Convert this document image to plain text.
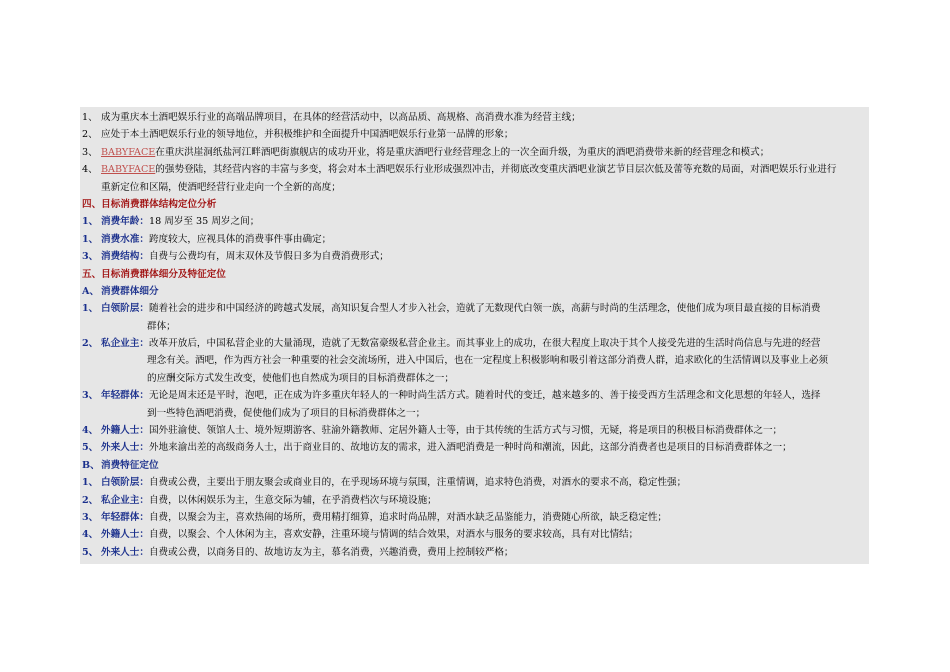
1、 成为重庆本土酒吧娱乐行业的高端品牌项目，在具体的经营活动中，以高品质、高规格、高消费水准为经营主线；
2、 应处于本土酒吧娱乐行业的领导地位，并积极维护和全面提升中国酒吧娱乐行业第一品牌的形象；
3、 BABYFACE在重庆洪崖洞纸盐河江畔酒吧街旗舰店的成功开业，将是重庆酒吧行业经营理念上的一次全面升级，为重庆的酒吧消费带来新的经营理念和模式；
4、 BABYFACE的强势登陆，其经营内容的丰富与多变，将会对本土酒吧娱乐行业形成强烈冲击，并彻底改变重庆酒吧业演艺节目层次低及蕾等充数的局面，对酒吧娱乐行业进行
重新定位和区隔，使酒吧经营行业走向一个全新的高度；
四、目标消费群体结构定位分析
1、 消费年龄：18 周岁至 35 周岁之间；
1、 消费水准：跨度较大，应视具体的消费事件事由确定；
3、 消费结构：自费与公费均有，周末双休及节假日多为自费消费形式；
五、目标消费群体细分及特征定位
A、 消费群体细分
1、 白领阶层：随着社会的进步和中国经济的跨越式发展，高知识复合型人才步入社会，造就了无数现代白领一族，高薪与时尚的生活理念，使他们成为项目最直接的目标消费
群体；
2、 私企业主：改革开放后，中国私营企业的大量涌现，造就了无数富豪级私营企业主。而其事业上的成功，在很大程度上取决于其个人接受先进的生活时尚信息与先进的经营
理念有关。酒吧，作为西方社会一种重要的社会交流场所，进入中国后，也在一定程度上积极影响和吸引着这部分消费人群，追求欧化的生活情调以及事业上必须
的应酬交际方式发生改变，使他们也自然成为项目的目标消费群体之一；
3、 年轻群体：无论是周末还是平时，泡吧，正在成为许多重庆年轻人的一种时尚生活方式。随着时代的变迁，越来越多的、善于接受西方生活理念和文化思想的年轻人，选择
到一些特色酒吧消费，促使他们成为了项目的目标消费群体之一；
4、 外籍人士：国外驻渝使、领馆人士、境外短期游客、驻渝外籍教师、定居外籍人士等，由于其传统的生活方式与习惯，无疑，将是项目的积极目标消费群体之一；
5、 外来人士：外地来渝出差的高级商务人士，出于商业目的、故地访友的需求，进入酒吧消费是一种时尚和潮流，因此，这部分消费者也是项目的目标消费群体之一；
B、 消费特征定位
1、 白领阶层：自费或公费，主要出于朋友聚会或商业目的，在乎现场环境与氛围，注重情调，追求特色消费，对酒水的要求不高，稳定性强；
2、 私企业主：自费，以休闲娱乐为主，生意交际为辅，在乎消费档次与环境设施；
3、 年轻群体：自费，以聚会为主，喜欢热闹的场所，费用精打细算，追求时尚品牌，对酒水缺乏品鉴能力，消费随心所欲，缺乏稳定性；
4、 外籍人士：自费，以聚会、个人休闲为主，喜欢安静，注重环境与情调的结合效果，对酒水与服务的要求较高，具有对比情结；
5、 外来人士：自费或公费，以商务目的、故地访友为主，慕名消费，兴趣消费，费用上控制较严格；
